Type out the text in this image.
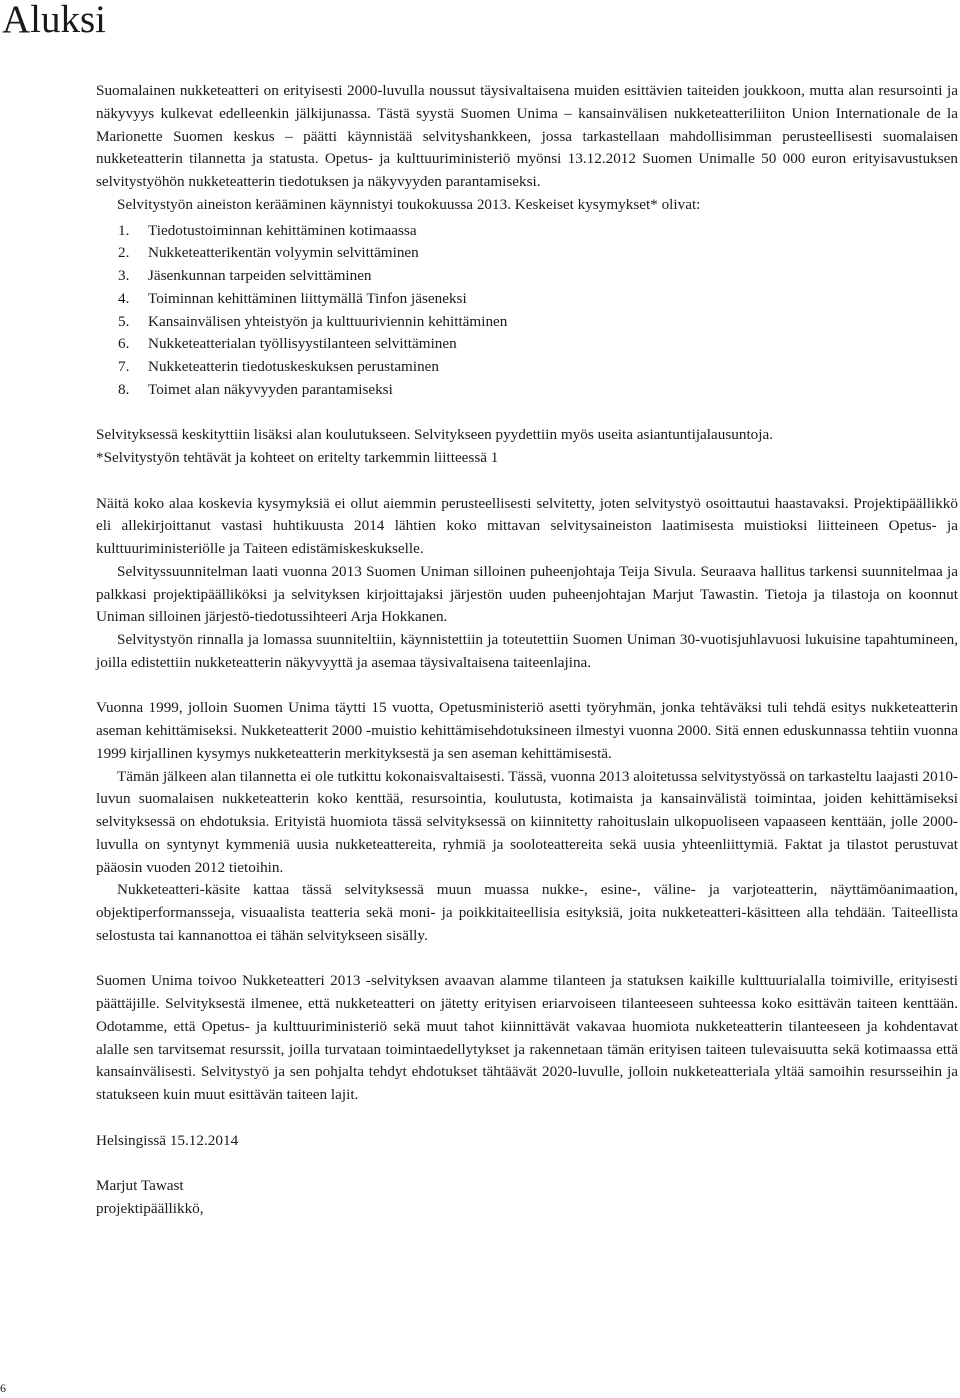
Aluksi

Suomalainen nukketeatteri on erityisesti 2000-luvulla noussut täysivaltaisena muiden esittävien taiteiden joukkoon, mutta alan resursointi ja näkyvyys kulkevat edelleenkin jälkijunassa. Tästä syystä Suomen Unima – kansainvälisen nukketeatteriliiton Union Internationale de la Marionette Suomen keskus – päätti käynnistää selvityshankkeen, jossa tarkastellaan mahdollisimman perusteellisesti suomalaisen nukketeatterin tilannetta ja statusta. Opetus- ja kulttuuriministeriö myönsi 13.12.2012 Suomen Unimalle 50 000 euron erityisavustuksen selvitystyöhön nukketeatterin tiedotuksen ja näkyvyyden parantamiseksi.

Selvitystyön aineiston kerääminen käynnistyi toukokuussa 2013. Keskeiset kysymykset* olivat:

1.	Tiedotustoiminnan kehittäminen kotimaassa
2.	Nukketeatterikentän volyymin selvittäminen
3.	Jäsenkunnan tarpeiden selvittäminen
4.	Toiminnan kehittäminen liittymällä Tinfon jäseneksi
5.	Kansainvälisen yhteistyön ja kulttuuriviennin kehittäminen
6.	Nukketeatterialan työllisyystilanteen selvittäminen
7.	Nukketeatterin tiedotuskeskuksen perustaminen
8.	Toimet alan näkyvyyden parantamiseksi

Selvityksessä keskityttiin lisäksi alan koulutukseen. Selvitykseen pyydettiin myös useita asiantuntijalausuntoja.

*Selvitystyön tehtävät ja kohteet on eritelty tarkemmin liitteessä 1

Näitä koko alaa koskevia kysymyksiä ei ollut aiemmin perusteellisesti selvitetty, joten selvitystyö osoittautui haastavaksi. Projektipäällikkö eli allekirjoittanut vastasi huhtikuusta 2014 lähtien koko mittavan selvitysaineiston laatimisesta muistioksi liitteineen Opetus- ja kulttuuriministeriölle ja Taiteen edistämiskeskukselle.

Selvityssuunnitelman laati vuonna 2013 Suomen Uniman silloinen puheenjohtaja Teija Sivula. Seuraava hallitus tarkensi suunnitelmaa ja palkkasi projektipäälliköksi ja selvityksen kirjoittajaksi järjestön uuden puheenjohtajan Marjut Tawastin. Tietoja ja tilastoja on koonnut Uniman silloinen järjestö-tiedotussihteeri Arja Hokkanen.

Selvitystyön rinnalla ja lomassa suunniteltiin, käynnistettiin ja toteutettiin Suomen Uniman 30-vuotisjuhlavuosi lukuisine tapahtumineen, joilla edistettiin nukketeatterin näkyvyyttä ja asemaa täysivaltaisena taiteenlajina.

Vuonna 1999, jolloin Suomen Unima täytti 15 vuotta, Opetusministeriö asetti työryhmän, jonka tehtäväksi tuli tehdä esitys nukketeatterin aseman kehittämiseksi. Nukketeatterit 2000 -muistio kehittämisehdotuksineen ilmestyi vuonna 2000. Sitä ennen eduskunnassa tehtiin vuonna 1999 kirjallinen kysymys nukketeatterin merkityksestä ja sen aseman kehittämisestä.

Tämän jälkeen alan tilannetta ei ole tutkittu kokonaisvaltaisesti. Tässä, vuonna 2013 aloitetussa selvitystyössä on tarkasteltu laajasti 2010-luvun suomalaisen nukketeatterin koko kenttää, resursointia, koulutusta, kotimaista ja kansainvälistä toimintaa, joiden kehittämiseksi selvityksessä on ehdotuksia. Erityistä huomiota tässä selvityksessä on kiinnitetty rahoituslain ulkopuoliseen vapaaseen kenttään, jolle 2000-luvulla on syntynyt kymmeniä uusia nukketeattereita, ryhmiä ja sooloteattereita sekä uusia yhteenliittymiä. Faktat ja tilastot perustuvat pääosin vuoden 2012 tietoihin.

Nukketeatteri-käsite kattaa tässä selvityksessä muun muassa nukke-, esine-, väline- ja varjoteatterin, näyttämöanimaation, objektiperformansseja, visuaalista teatteria sekä moni- ja poikkitaiteellisia esityksiä, joita nukketeatteri-käsitteen alla tehdään. Taiteellista selostusta tai kannanottoa ei tähän selvitykseen sisälly.

Suomen Unima toivoo Nukketeatteri 2013 -selvityksen avaavan alamme tilanteen ja statuksen kaikille kulttuurialalla toimiville, erityisesti päättäjille. Selvityksestä ilmenee, että nukketeatteri on jätetty erityisen eriarvoiseen tilanteeseen suhteessa koko esittävän taiteen kenttään. Odotamme, että Opetus- ja kulttuuriministeriö sekä muut tahot kiinnittävät vakavaa huomiota nukketeatterin tilanteeseen ja kohdentavat alalle sen tarvitsemat resurssit, joilla turvataan toimintaedellytykset ja rakennetaan tämän erityisen taiteen tulevaisuutta sekä kotimaassa että kansainvälisesti. Selvitystyö ja sen pohjalta tehdyt ehdotukset tähtäävät 2020-luvulle, jolloin nukketeatteriala yltää samoihin resursseihin ja statukseen kuin muut esittävän taiteen lajit.

Helsingissä 15.12.2014

Marjut Tawast

projektipäällikkö,

6
